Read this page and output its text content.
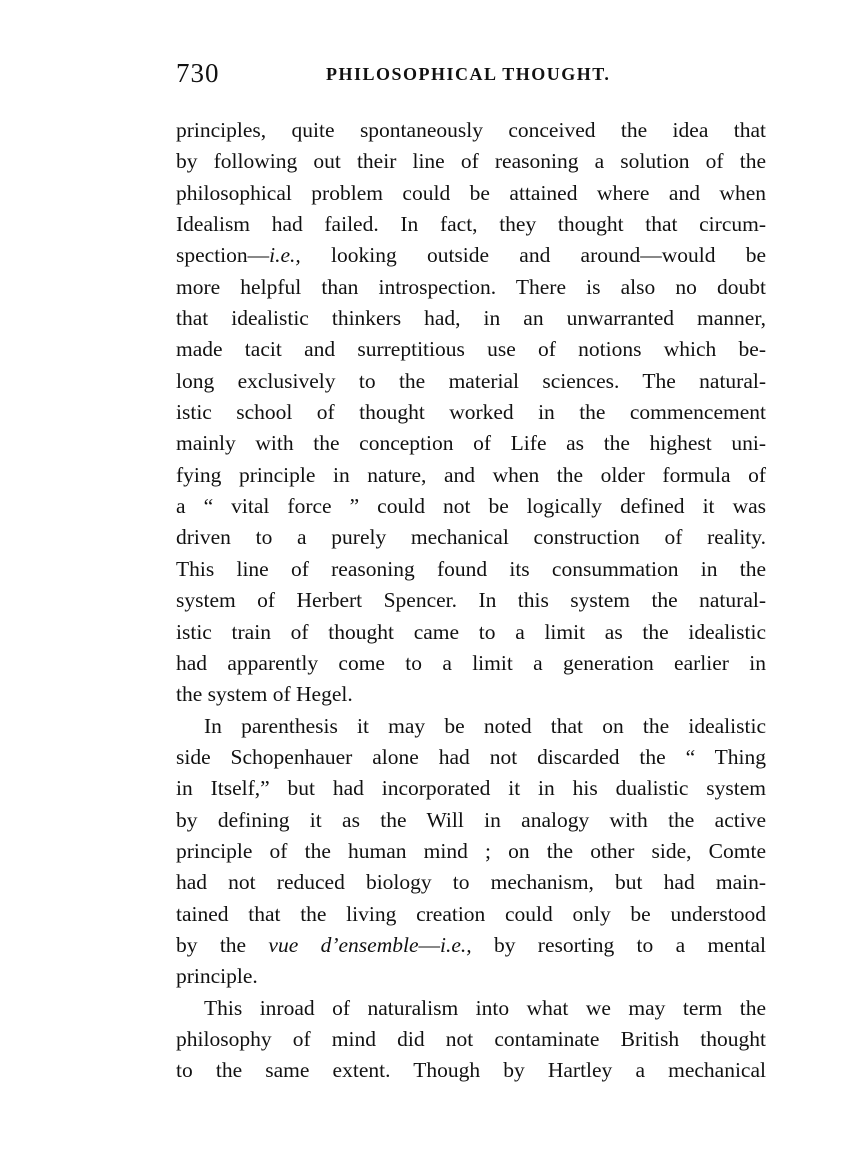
730	PHILOSOPHICAL THOUGHT.
principles, quite spontaneously conceived the idea that
by following out their line of reasoning a solution of the
philosophical problem could be attained where and when
Idealism had failed. In fact, they thought that circum-
spection—i.e., looking outside and around—would be
more helpful than introspection. There is also no doubt
that idealistic thinkers had, in an unwarranted manner,
made tacit and surreptitious use of notions which be-
long exclusively to the material sciences. The natural-
istic school of thought worked in the commencement
mainly with the conception of Life as the highest uni-
fying principle in nature, and when the older formula of
a “ vital force ” could not be logically defined it was
driven to a purely mechanical construction of reality.
This line of reasoning found its consummation in the
system of Herbert Spencer. In this system the natural-
istic train of thought came to a limit as the idealistic
had apparently come to a limit a generation earlier in
the system of Hegel.
In parenthesis it may be noted that on the idealistic
side Schopenhauer alone had not discarded the “ Thing
in Itself,” but had incorporated it in his dualistic system
by defining it as the Will in analogy with the active
principle of the human mind ; on the other side, Comte
had not reduced biology to mechanism, but had main-
tained that the living creation could only be understood
by the vue d’ensemble—i.e., by resorting to a mental
principle.
This inroad of naturalism into what we may term the
philosophy of mind did not contaminate British thought
to the same extent. Though by Hartley a mechanical
